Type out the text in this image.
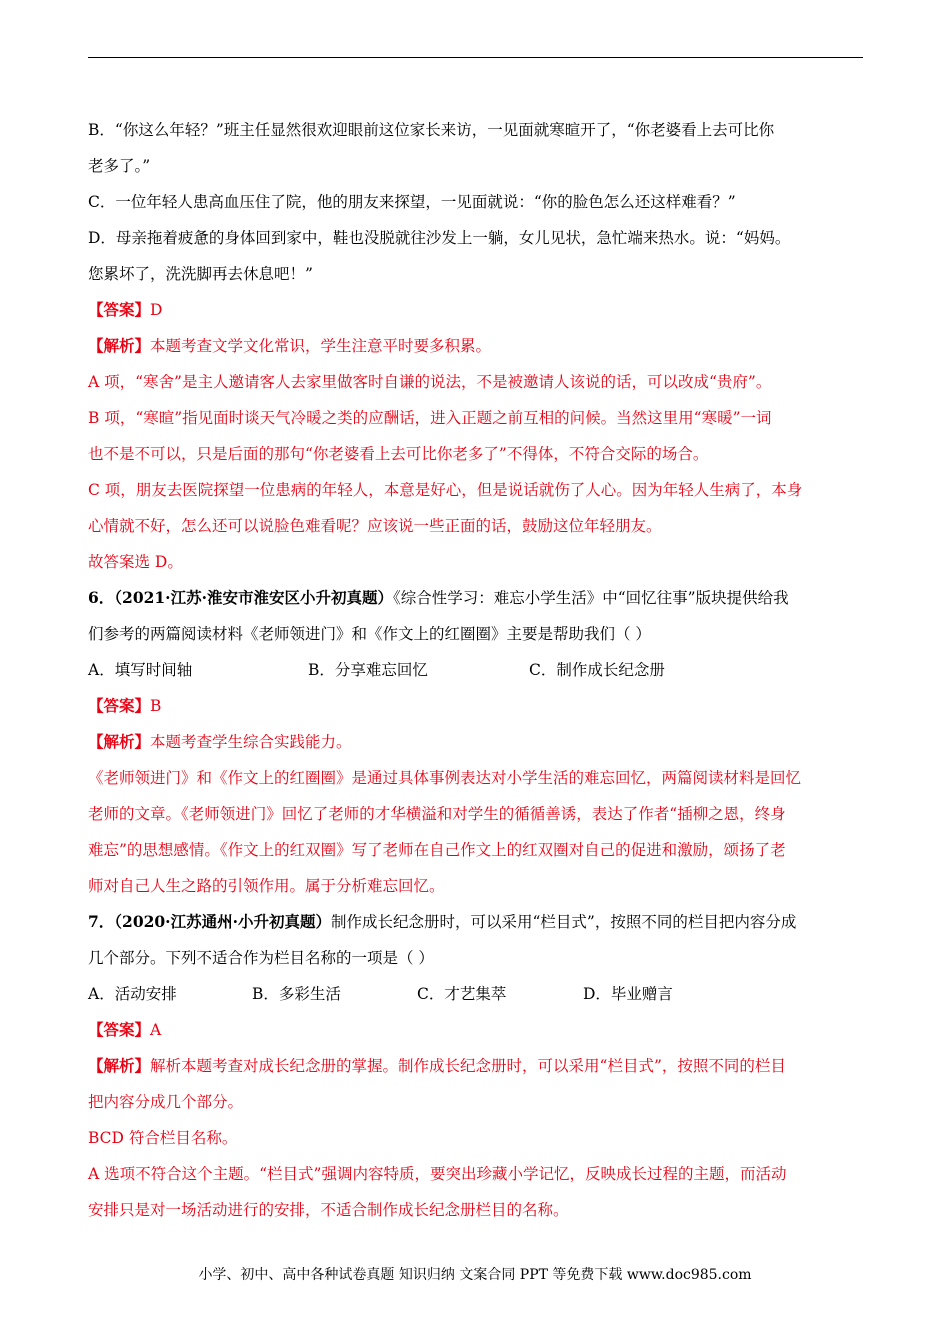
B．“你这么年轻？”班主任显然很欢迎眼前这位家长来访，一见面就寒暄开了，“你老婆看上去可比你

老多了。”

C．一位年轻人患高血压住了院，他的朋友来探望，一见面就说：“你的脸色怎么还这样难看？”

D．母亲拖着疲惫的身体回到家中，鞋也没脱就往沙发上一躺，女儿见状，急忙端来热水。说：“妈妈。

您累坏了，洗洗脚再去休息吧！”

【答案】D

【解析】本题考查文学文化常识，学生注意平时要多积累。

A 项，“寒舍”是主人邀请客人去家里做客时自谦的说法，不是被邀请人该说的话，可以改成“贵府”。

B 项，“寒暄”指见面时谈天气冷暖之类的应酬话，进入正题之前互相的问候。当然这里用“寒暖”一词

也不是不可以，只是后面的那句“你老婆看上去可比你老多了”不得体，不符合交际的场合。

C 项，朋友去医院探望一位患病的年轻人，本意是好心，但是说话就伤了人心。因为年轻人生病了，本身

心情就不好，怎么还可以说脸色难看呢？应该说一些正面的话，鼓励这位年轻朋友。

故答案选 D。

6．（2021·江苏·淮安市淮安区小升初真题）《综合性学习：难忘小学生活》中“回忆往事”版块提供给我

们参考的两篇阅读材料《老师领进门》和《作文上的红圈圈》主要是帮助我们（ ）

A．填写时间轴	B．分享难忘回忆	C．制作成长纪念册

【答案】B

【解析】本题考查学生综合实践能力。

《老师领进门》和《作文上的红圈圈》是通过具体事例表达对小学生活的难忘回忆，两篇阅读材料是回忆

老师的文章。《老师领进门》回忆了老师的才华横溢和对学生的循循善诱，表达了作者“插柳之恩，终身

难忘”的思想感情。《作文上的红双圈》写了老师在自己作文上的红双圈对自己的促进和激励，颂扬了老

师对自己人生之路的引领作用。属于分析难忘回忆。

7．（2020·江苏通州·小升初真题）制作成长纪念册时，可以采用“栏目式”，按照不同的栏目把内容分成

几个部分。下列不适合作为栏目名称的一项是（ ）

A．活动安排	B．多彩生活	C．才艺集萃	D．毕业赠言

【答案】A

【解析】解析本题考查对成长纪念册的掌握。制作成长纪念册时，可以采用“栏目式”，按照不同的栏目

把内容分成几个部分。

BCD 符合栏目名称。

A 选项不符合这个主题。“栏目式”强调内容特质，要突出珍藏小学记忆，反映成长过程的主题，而活动

安排只是对一场活动进行的安排，不适合制作成长纪念册栏目的名称。

小学、初中、高中各种试卷真题 知识归纳 文案合同 PPT 等免费下载 www.doc985.com
